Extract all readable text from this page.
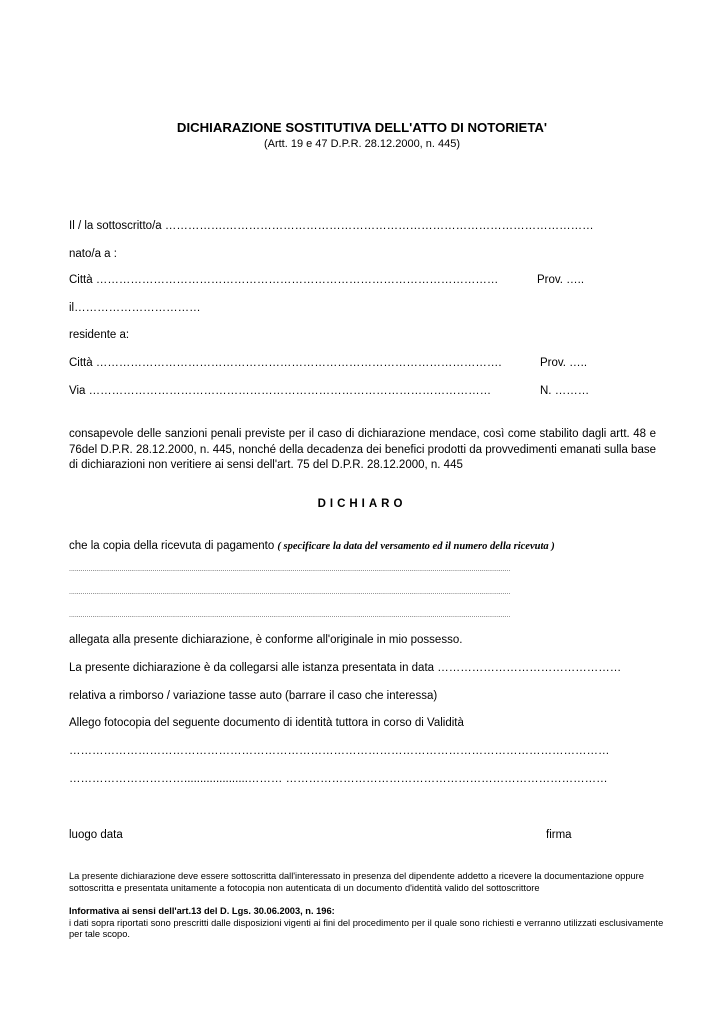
DICHIARAZIONE SOSTITUTIVA DELL'ATTO DI NOTORIETA'
(Artt. 19 e 47 D.P.R. 28.12.2000, n. 445)
Il / la sottoscritto/a …………….……………………………………………………………………………………
nato/a a :
Città ……………………………………………………………………………………………	Prov. …..
il……………………………
residente a:
Città …………………………………………………………………………………………….	Prov. …..
Via ……………………………………………………………………………………………	N. ………
consapevole delle sanzioni penali previste per il caso di dichiarazione mendace, così come stabilito dagli artt. 48 e 76del D.P.R. 28.12.2000, n. 445, nonché della decadenza dei benefici prodotti da provvedimenti emanati sulla base di dichiarazioni non veritiere ai sensi dell'art. 75 del D.P.R. 28.12.2000, n. 445
DICHIARO
che la copia della ricevuta di pagamento ( specificare la data del versamento ed il numero della ricevuta )
...................................................................................................................................................................................................................................
...................................................................................................................................................................................................................................
...................................................................................................................................................................................................................................
allegata alla presente dichiarazione, è conforme all'originale in mio possesso.
La presente dichiarazione è da collegarsi alle istanza presentata in data …………………………………………
relativa a rimborso / variazione tasse auto (barrare il caso che interessa)
Allego fotocopia del seguente documento di identità tuttora in corso di Validità
……………………………………………………………………………………………………………………………
…………………………....................……… …………………………………………………………………………
luogo data	firma
La presente dichiarazione deve essere sottoscritta dall'interessato in presenza del dipendente addetto a ricevere la documentazione oppure sottoscritta e presentata unitamente a fotocopia non autenticata di un documento d'identità valido del sottoscrittore
Informativa ai sensi dell'art.13 del D. Lgs. 30.06.2003, n. 196:
i dati sopra riportati sono prescritti dalle disposizioni vigenti ai fini del procedimento per il quale sono richiesti e verranno utilizzati esclusivamente per tale scopo.
